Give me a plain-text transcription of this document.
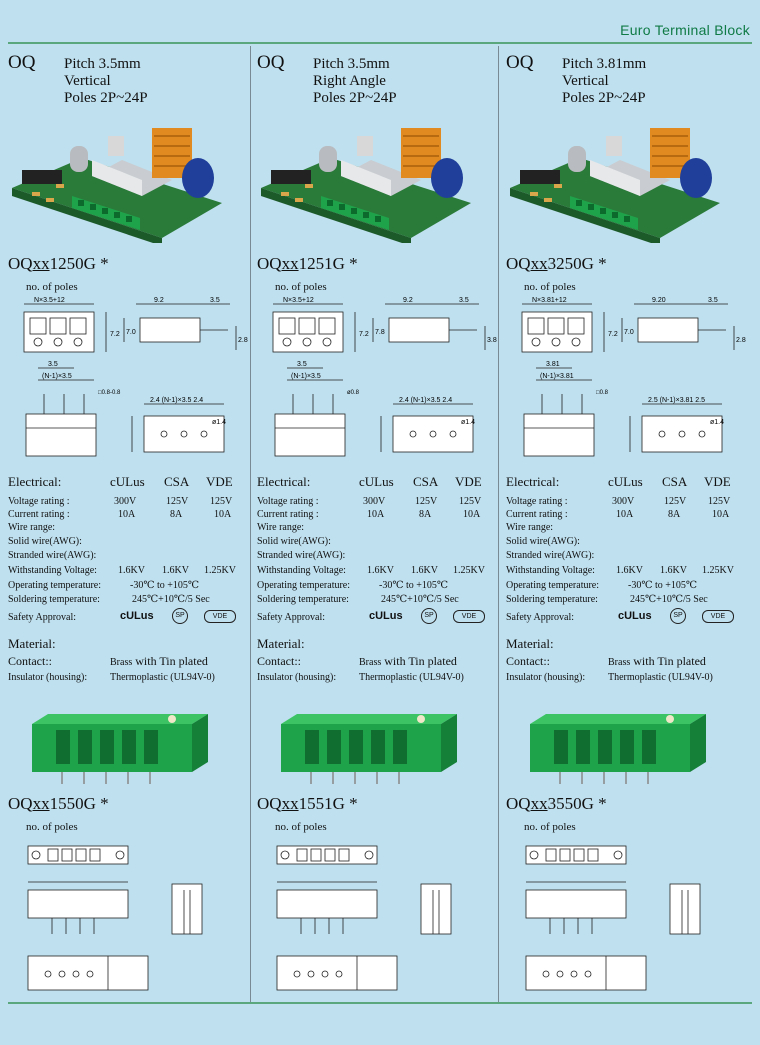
Euro Terminal Block
OQ Pitch 3.5mm
Vertical
Poles 2P~24P
OQxx1250G *
no. of poles
N×3.5+12	9.2	3.5
7.2 7.0
2.8
3.5
(N-1)×3.5
□0.8-0.8
2.4 (N-1)×3.5 2.4
ø1.4
Electrical:	cULus CSA VDE
Voltage rating :	300V	125V 125V
Current rating :	10A	8A	10A
Wire range:
Solid wire(AWG):
Stranded wire(AWG):
Withstanding Voltage: 1.6KV 1.6KV 1.25KV
Operating temperature:	-30℃ to +105℃
Soldering temperature:	245℃+10℃/5 Sec
Safety Approval:	cULus	SP	VDE
Material:
Contact::	Brass with Tin plated
Insulator (housing): Thermoplastic (UL94V-0)
OQxx1550G *
no. of poles
OQ Pitch 3.5mm
Right Angle
Poles 2P~24P
OQxx1251G *
no. of poles
N×3.5+12	9.2	3.5
7.2 7.8
3.8
3.5
(N-1)×3.5
ø0.8
2.4 (N-1)×3.5 2.4
ø1.4
Electrical:	cULus CSA VDE
Voltage rating :	300V	125V 125V
Current rating :	10A	8A	10A
Wire range:
Solid wire(AWG):
Stranded wire(AWG):
Withstanding Voltage: 1.6KV 1.6KV 1.25KV
Operating temperature:	-30℃ to +105℃
Soldering temperature:	245℃+10℃/5 Sec
Safety Approval:	cULus	SP	VDE
Material:
Contact::	Brass with Tin plated
Insulator (housing): Thermoplastic (UL94V-0)
OQxx1551G *
no. of poles
OQ Pitch 3.81mm
Vertical
Poles 2P~24P
OQxx3250G *
no. of poles
N×3.81+12	9.20	3.5
7.2 7.0
2.8
3.81
(N-1)×3.81
□0.8
2.5 (N-1)×3.81 2.5
ø1.4
Electrical:	cULus CSA VDE
Voltage rating :	300V	125V 125V
Current rating :	10A	8A	10A
Wire range:
Solid wire(AWG):
Stranded wire(AWG):
Withstanding Voltage: 1.6KV 1.6KV 1.25KV
Operating temperature:	-30℃ to +105℃
Soldering temperature:	245℃+10℃/5 Sec
Safety Approval:	cULus	SP	VDE
Material:
Contact::	Brass with Tin plated
Insulator (housing): Thermoplastic (UL94V-0)
OQxx3550G *
no. of poles
